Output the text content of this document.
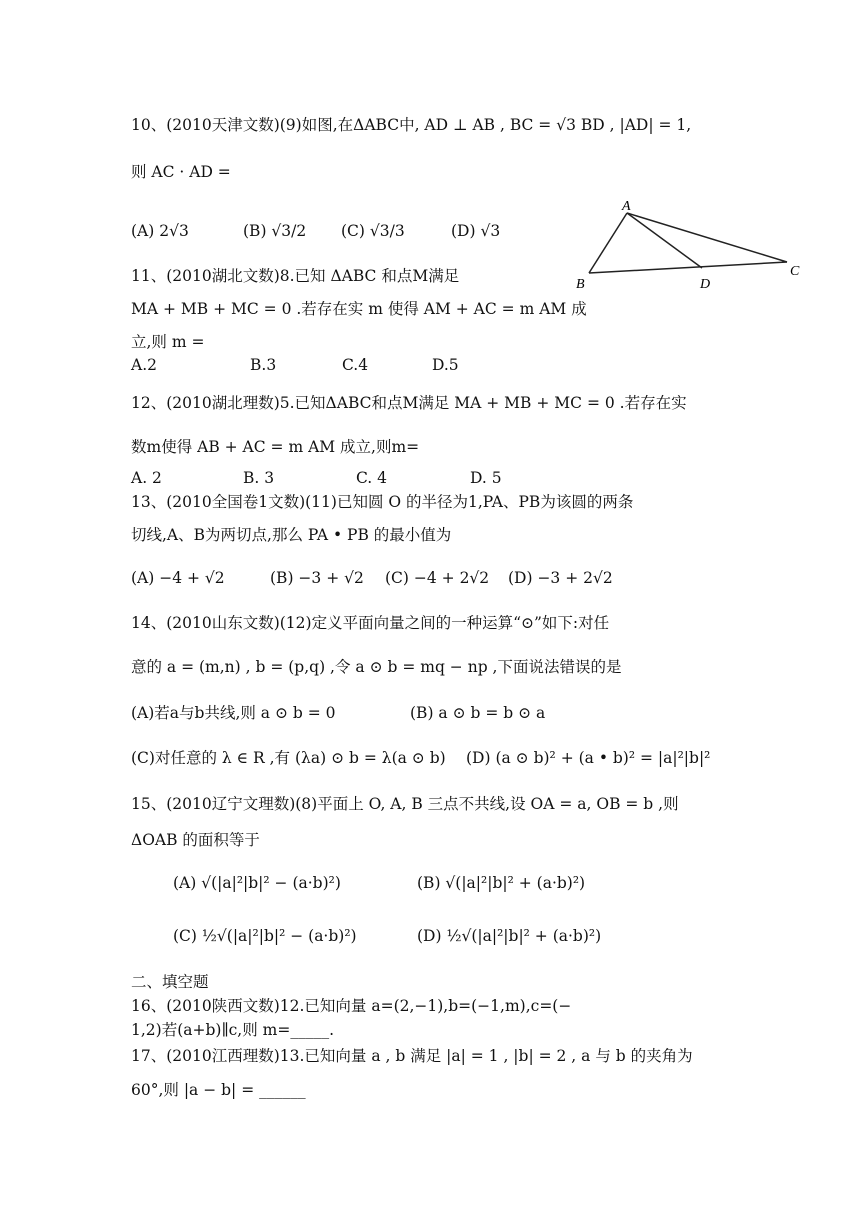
10、(2010天津文数)(9)如图,在ΔABC中, AD ⊥ AB , BC = √3 BD , |AD| = 1,
则 AC · AD =
(A) 2√3	(B) √3/2 (C) √3/3	(D) √3
A
B	D
C
11、(2010湖北文数)8.已知 ΔABC 和点M满足
MA + MB + MC = 0 .若存在实 m 使得 AM + AC = m AM 成
立,则 m =
A.2	B.3	C.4	D.5
12、(2010湖北理数)5.已知ΔABC和点M满足 MA + MB + MC = 0 .若存在实
数m使得 AB + AC = m AM 成立,则m=
A. 2	B. 3	C. 4	D. 5
13、(2010全国卷1文数)(11)已知圆 O 的半径为1,PA、PB为该圆的两条
切线,A、B为两切点,那么 PA • PB 的最小值为
(A) −4 + √2	(B) −3 + √2 (C) −4 + 2√2 (D) −3 + 2√2
14、(2010山东文数)(12)定义平面向量之间的一种运算“⊙”如下:对任
意的 a = (m,n) , b = (p,q) ,令 a ⊙ b = mq − np ,下面说法错误的是
(A)若a与b共线,则 a ⊙ b = 0	(B) a ⊙ b = b ⊙ a
(C)对任意的 λ ∈ R ,有 (λa) ⊙ b = λ(a ⊙ b) (D) (a ⊙ b)² + (a • b)² = |a|²|b|²
15、(2010辽宁文理数)(8)平面上 O, A, B 三点不共线,设 OA = a, OB = b ,则
ΔOAB 的面积等于
(A) √(|a|²|b|² − (a·b)²)	(B) √(|a|²|b|² + (a·b)²)
(C) ½√(|a|²|b|² − (a·b)²)	(D) ½√(|a|²|b|² + (a·b)²)
二、填空题
16、(2010陕西文数)12.已知向量 a=(2,−1),b=(−1,m),c=(−
1,2)若(a+b)∥c,则 m=_____.
17、(2010江西理数)13.已知向量 a , b 满足 |a| = 1 , |b| = 2 , a 与 b 的夹角为
60°,则 |a − b| = ______
